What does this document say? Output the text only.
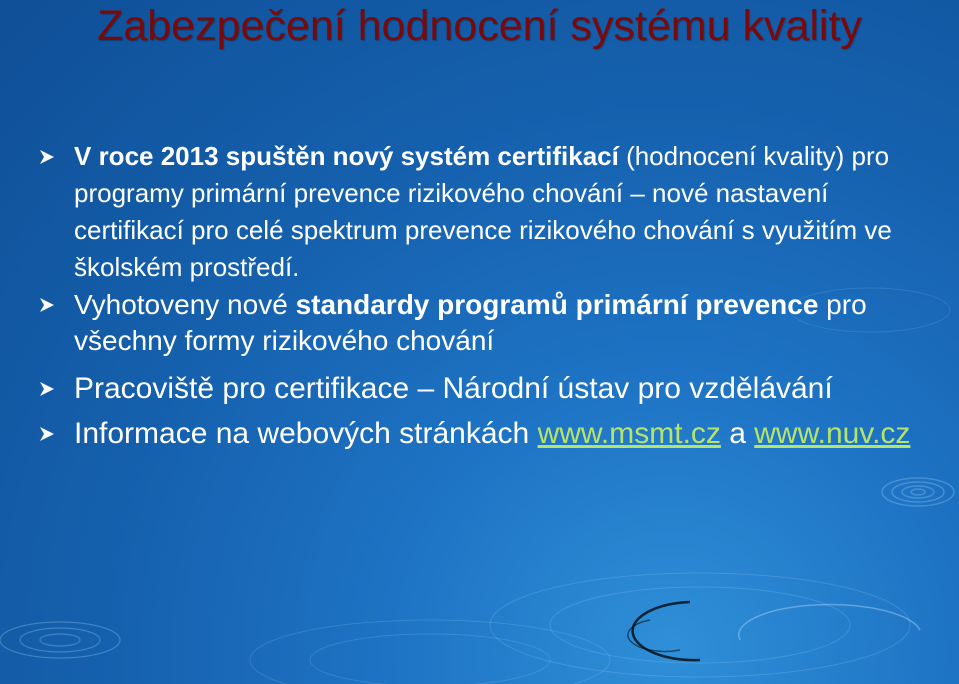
Zabezpečení hodnocení systému kvality
V roce 2013 spuštěn nový systém certifikací (hodnocení kvality) pro programy primární prevence rizikového chování – nové nastavení certifikací pro celé spektrum prevence rizikového chování s využitím ve školském prostředí.
Vyhotoveny nové standardy programů primární prevence pro všechny formy rizikového chování
Pracoviště pro certifikace – Národní ústav pro vzdělávání
Informace na webových stránkách www.msmt.cz a www.nuv.cz
